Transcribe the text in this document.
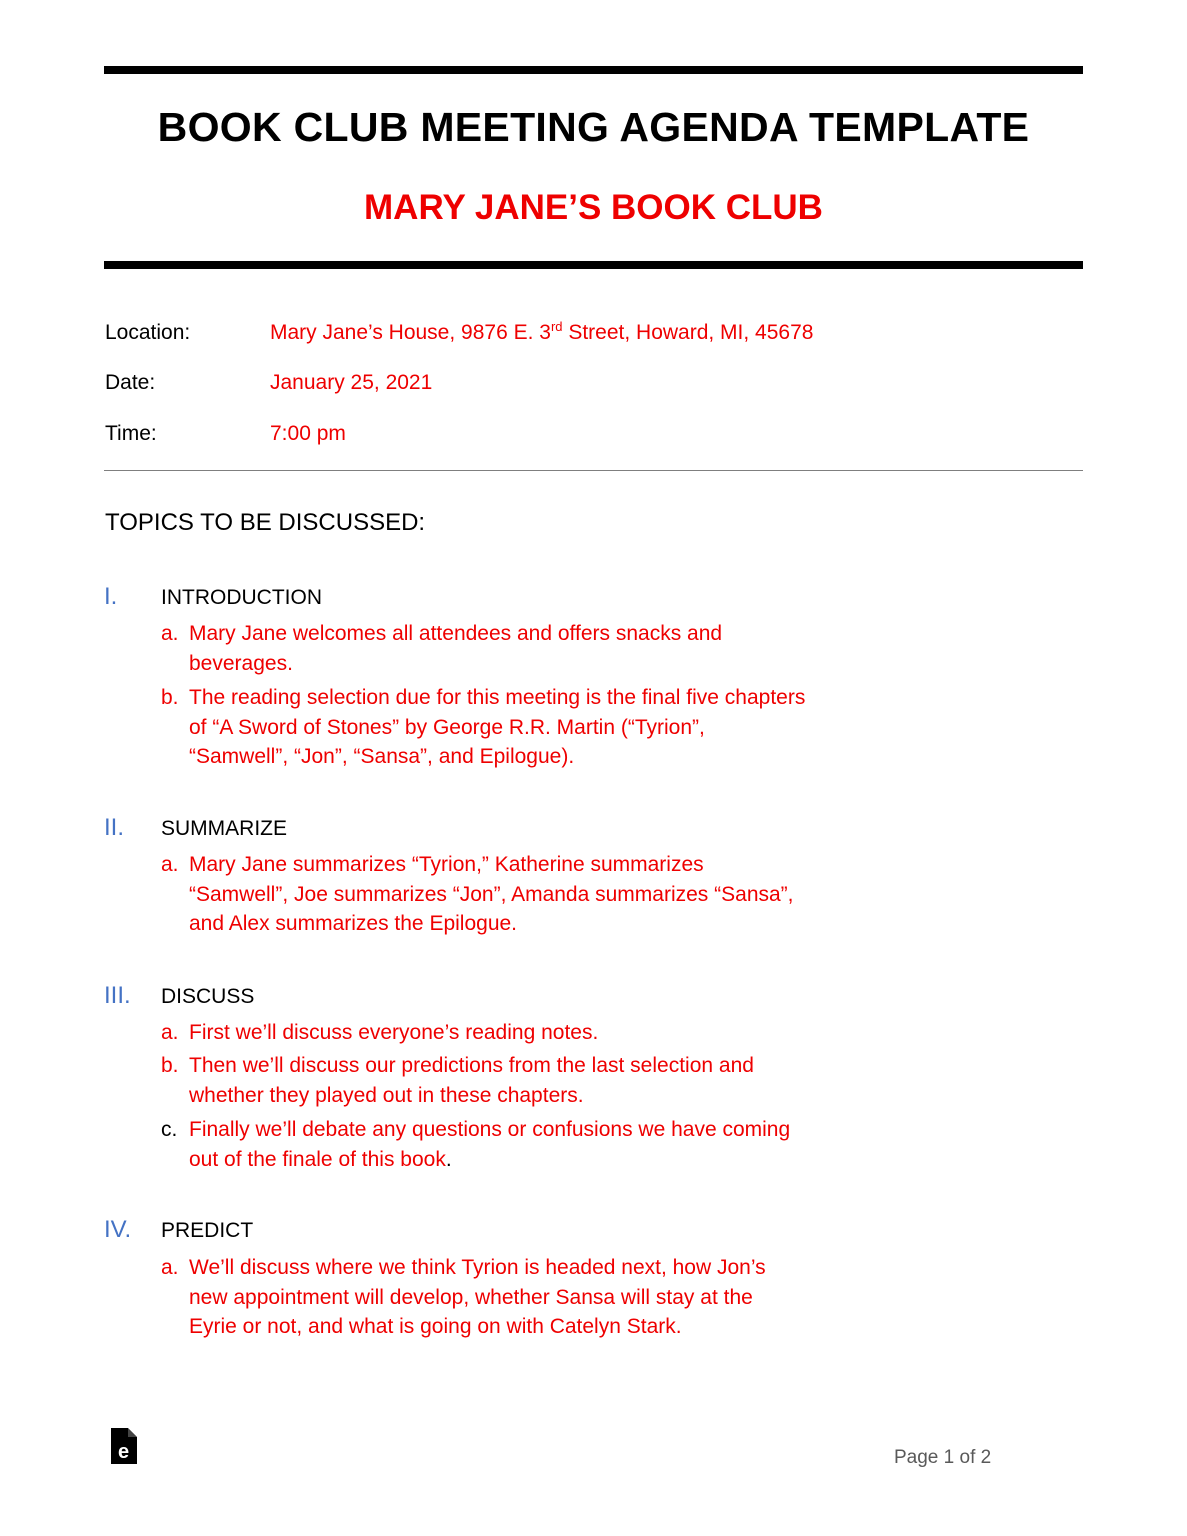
BOOK CLUB MEETING AGENDA TEMPLATE
MARY JANE’S BOOK CLUB
Location:	Mary Jane’s House, 9876 E. 3rd Street, Howard, MI, 45678
Date:	January 25, 2021
Time:	7:00 pm
TOPICS TO BE DISCUSSED:
I. INTRODUCTION
a. Mary Jane welcomes all attendees and offers snacks and
beverages.
b. The reading selection due for this meeting is the final five chapters
of “A Sword of Stones” by George R.R. Martin (“Tyrion”,
“Samwell”, “Jon”, “Sansa”, and Epilogue).
II. SUMMARIZE
a. Mary Jane summarizes “Tyrion,” Katherine summarizes
“Samwell”, Joe summarizes “Jon”, Amanda summarizes “Sansa”,
and Alex summarizes the Epilogue.
III. DISCUSS
a. First we’ll discuss everyone’s reading notes.
b. Then we’ll discuss our predictions from the last selection and
whether they played out in these chapters.
c. Finally we’ll debate any questions or confusions we have coming
out of the finale of this book.
IV. PREDICT
a. We’ll discuss where we think Tyrion is headed next, how Jon’s
new appointment will develop, whether Sansa will stay at the
Eyrie or not, and what is going on with Catelyn Stark.
e	Page 1 of 2
